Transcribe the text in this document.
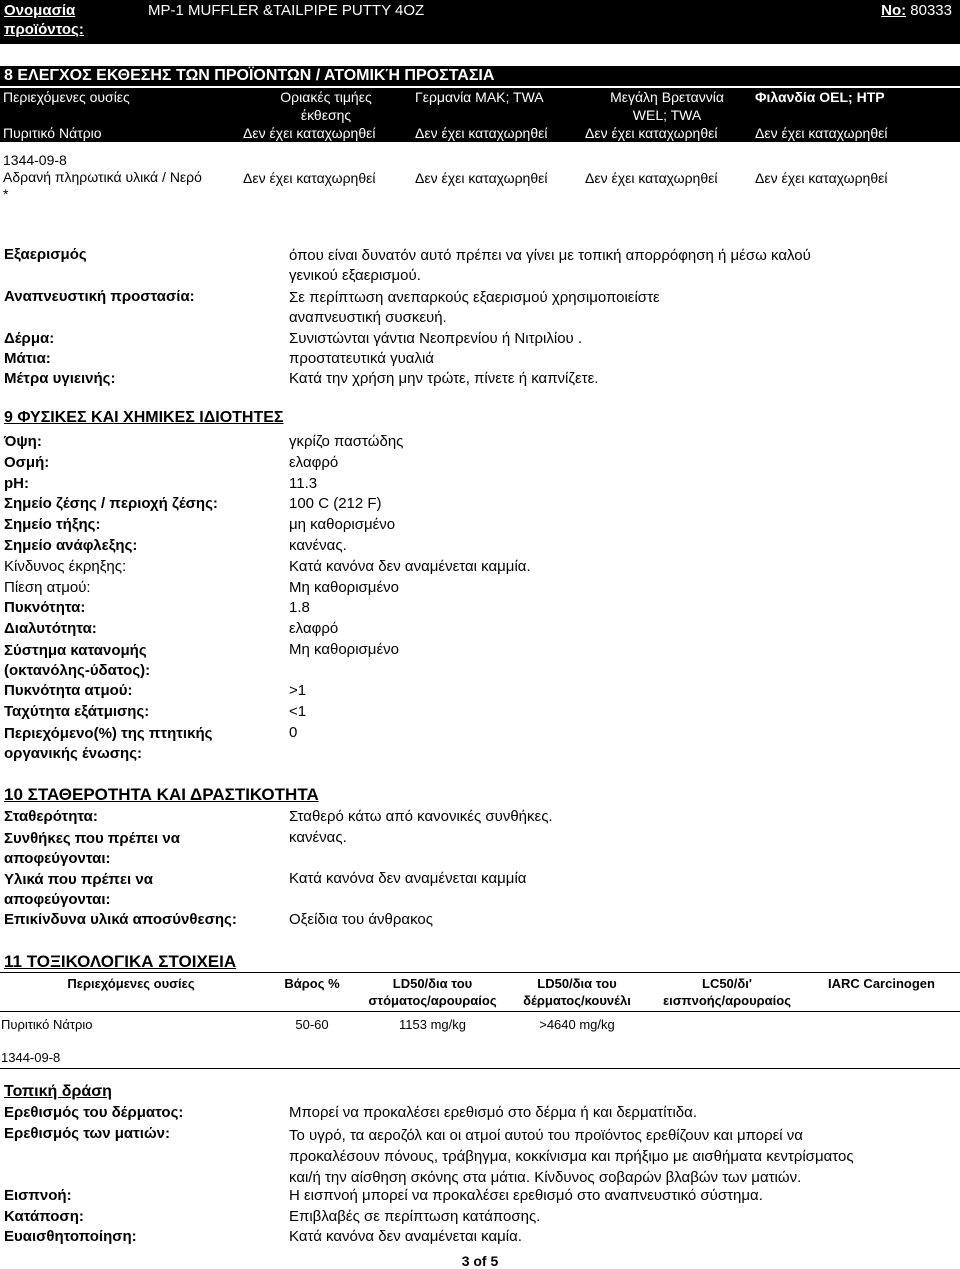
Ονομασία
προϊόντος:
MP-1 MUFFLER &TAILPIPE PUTTY 4OZ	No: 80333
8 ΕΛΕΓΧΟΣ ΕΚΘΕΣΗΣ ΤΩΝ ΠΡΟΪΟΝΤΩΝ / ΑΤΟΜΙΚΉ ΠΡΟΣΤΑΣΙΑ
Περιεχόμενες ουσίες	Οριακές τιμήες
έκθεσης	Γερμανία MAK; TWA	Μεγάλη Βρεταννία
WEL; TWA	Φιλανδία OEL; HTP
Πυριτικό Νάτριο	Δεν έχει καταχωρηθεί	Δεν έχει καταχωρηθεί	Δεν έχει καταχωρηθεί	Δεν έχει καταχωρηθεί
1344-09-8				
Αδρανή πληρωτικά υλικά / Νερό
*	Δεν έχει καταχωρηθεί	Δεν έχει καταχωρηθεί	Δεν έχει καταχωρηθεί	Δεν έχει καταχωρηθεί
Εξαερισμός	όπου είναι δυνατόν αυτό πρέπει να γίνει με τοπική απορρόφηση ή μέσω καλού
γενικού εξαερισμού.
Αναπνευστική προστασία:	Σε περίπτωση ανεπαρκούς εξαερισμού χρησιμοποιείστε
αναπνευστική συσκευή.
Δέρμα:	Συνιστώνται γάντια Νεοπρενίου ή Νιτριλίου .
Μάτια:	προστατευτικά γυαλιά
Μέτρα υγιεινής:	Κατά την χρήση μην τρώτε, πίνετε ή καπνίζετε.
9 ΦΥΣΙΚΕΣ ΚΑΙ ΧΗΜΙΚΕΣ ΙΔΙΟΤΗΤΕΣ
Όψη:	γκρίζο παστώδης
Οσμή:	ελαφρό
pH:	11.3
Σημείο ζέσης / περιοχή ζέσης:	100 C (212 F)
Σημείο τήξης:	μη καθορισμένο
Σημείο ανάφλεξης:	κανένας.
Κίνδυνος έκρηξης:	Κατά κανόνα δεν αναμένεται καμμία.
Πίεση ατμού:	Μη καθορισμένο
Πυκνότητα:	1.8
Διαλυτότητα:	ελαφρό
Σύστημα κατανομής
(οκτανόλης-ύδατος):
Μη καθορισμένο
Πυκνότητα ατμού:	>1
Ταχύτητα εξάτμισης:	<1
Περιεχόμενο(%) της πτητικής
οργανικής ένωσης:
0
10 ΣΤΑΘΕΡΟΤΗΤΑ ΚΑΙ ΔΡΑΣΤΙΚΟΤΗΤΑ
Σταθερότητα:	Σταθερό κάτω από κανονικές συνθήκες.
Συνθήκες που πρέπει να
αποφεύγονται:
κανένας.
Υλικά που πρέπει να
αποφεύγονται:
Κατά κανόνα δεν αναμένεται καμμία
Επικίνδυνα υλικά αποσύνθεσης:	Οξείδια του άνθρακος
11 ΤΟΞΙΚΟΛΟΓΙΚΑ ΣΤΟΙΧΕΙΑ
Περιεχόμενες ουσίες	Βάρος %	LD50/δια του
στόματος/αρουραίος	LD50/δια του
δέρματος/κουνέλι	LC50/δι'
εισπνοής/αρουραίος	IARC Carcinogen
Πυριτικό Νάτριο	50-60	1153 mg/kg	>4640 mg/kg		
1344-09-8					
Τοπική δράση
Ερεθισμός του δέρματος:	Μπορεί να προκαλέσει ερεθισμό στο δέρμα ή και δερματίτιδα.
Ερεθισμός των ματιών:	Το υγρό, τα αεροζόλ και οι ατμοί αυτού του προϊόντος ερεθίζουν και μπορεί να
προκαλέσουν πόνους, τράβηγμα, κοκκίνισμα και πρήξιμο με αισθήματα κεντρίσματος
και/ή την αίσθηση σκόνης στα μάτια. Κίνδυνος σοβαρών βλαβών των ματιών.
Εισπνοή:	Η εισπνοή μπορεί να προκαλέσει ερεθισμό στο αναπνευστικό σύστημα.
Κατάποση:	Επιβλαβές σε περίπτωση κατάποσης.
Ευαισθητοποίηση:	Κατά κανόνα δεν αναμένεται καμία.
3 of 5
